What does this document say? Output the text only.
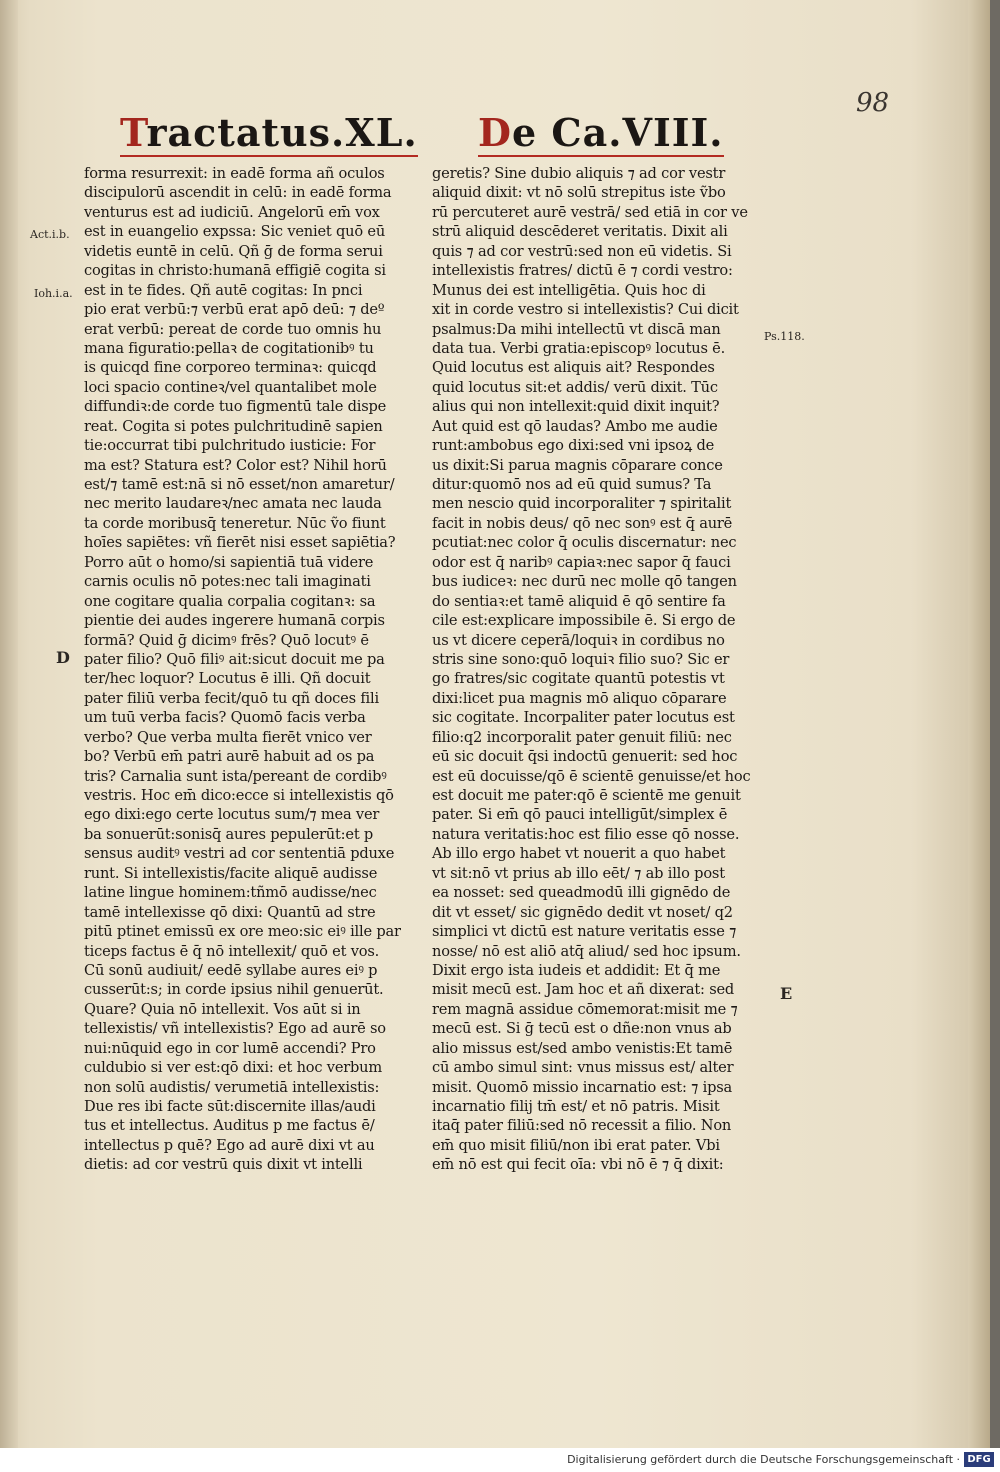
98

Tractatus.XL. De Ca.VIII.

Act.i.b.

Ioh.i.a.

Ps.118.

D

E

forma resurrexit: in eadē forma añ oculos
discipulorū ascendit in celū: in eadē forma
venturus est ad iudiciū. Angelorū em̄ vox
est in euangelio expssa: Sic veniet quō eū
videtis euntē in celū. Qñ ḡ de forma serui
cogitas in christo:humanā effigiē cogita si
est in te fides. Qñ autē cogitas: In pnci
pio erat verbū:⁊ verbū erat apō deū: ⁊ deº
erat verbū: pereat de corde tuo omnis hu
mana figuratio:pellaꝛ de cogitationibꝰ tu
is quicqd fine corporeo terminaꝛ: quicqd
loci spacio contineꝛ/vel quantalibet mole
diffundiꝛ:de corde tuo figmentū tale dispe
reat. Cogita si potes pulchritudinē sapien
tie:occurrat tibi pulchritudo iusticie: For
ma est? Statura est? Color est? Nihil horū
est/⁊ tamē est:nā si nō esset/non amaretur/
nec merito laudareꝛ/nec amata nec lauda
ta corde moribusq̄ teneretur. Nūc ṽo fiunt
hoīes sapiētes: vñ fierēt nisi esset sapiētia?
Porro aūt o homo/si sapientiā tuā videre
carnis oculis nō potes:nec tali imaginati
one cogitare qualia corpalia cogitanꝛ: sa
pientie dei audes ingerere humanā corpis
formā? Quid ḡ dicimꝰ frēs? Quō locutꝰ ē
pater filio? Quō filiꝰ ait:sicut docuit me pa
ter/hec loquor? Locutus ē illi. Qñ docuit
pater filiū verba fecit/quō tu qñ doces fili
um tuū verba facis? Quomō facis verba
verbo? Que verba multa fierēt vnico ver
bo? Verbū em̄ patri aurē habuit ad os pa
tris? Carnalia sunt ista/pereant de cordibꝰ
vestris. Hoc em̄ dico:ecce si intellexistis qō
ego dixi:ego certe locutus sum/⁊ mea ver
ba sonuerūt:sonisq̄ aures pepulerūt:et p
sensus auditꝰ vestri ad cor sententiā pduxe
runt. Si intellexistis/facite aliquē audisse
latine lingue hominem:tñmō audisse/nec
tamē intellexisse qō dixi: Quantū ad stre
pitū ptinet emissū ex ore meo:sic eiꝰ ille par
ticeps factus ē q̄ nō intellexit/ quō et vos.
Cū sonū audiuit/ eedē syllabe aures eiꝰ p
cusserūt:s; in corde ipsius nihil genuerūt.
Quare? Quia nō intellexit. Vos aūt si in
tellexistis/ vñ intellexistis? Ego ad aurē so
nui:nūquid ego in cor lumē accendi? Pro
culdubio si ver est:qō dixi: et hoc verbum
non solū audistis/ verumetiā intellexistis:
Due res ibi facte sūt:discernite illas/audi
tus et intellectus. Auditus p me factus ē/
intellectus p quē? Ego ad aurē dixi vt au
dietis: ad cor vestrū quis dixit vt intelli
geretis? Sine dubio aliquis ⁊ ad cor vestr
aliquid dixit: vt nō solū strepitus iste ṽbo
rū percuteret aurē vestrā/ sed etiā in cor ve
strū aliquid descēderet veritatis. Dixit ali
quis ⁊ ad cor vestrū:sed non eū videtis. Si
intellexistis fratres/ dictū ē ⁊ cordi vestro:
Munus dei est intelligētia. Quis hoc di
xit in corde vestro si intellexistis? Cui dicit
psalmus:Da mihi intellectū vt discā man
data tua. Verbi gratia:episcopꝰ locutus ē.
Quid locutus est aliquis ait? Respondes
quid locutus sit:et addis/ verū dixit. Tūc
alius qui non intellexit:quid dixit inquit?
Aut quid est qō laudas? Ambo me audie
runt:ambobus ego dixi:sed vni ipsoꝝ de
us dixit:Si parua magnis cōparare conce
ditur:quomō nos ad eū quid sumus? Ta
men nescio quid incorporaliter ⁊ spiritalit
facit in nobis deus/ qō nec sonꝰ est q̄ aurē
pcutiat:nec color q̄ oculis discernatur: nec
odor est q̄ naribꝰ capiaꝛ:nec sapor q̄ fauci
bus iudiceꝛ: nec durū nec molle qō tangen
do sentiaꝛ:et tamē aliquid ē qō sentire fa
cile est:explicare impossibile ē. Si ergo de
us vt dicere ceperā/loquiꝛ in cordibus no
stris sine sono:quō loquiꝛ filio suo? Sic er
go fratres/sic cogitate quantū potestis vt
dixi:licet pua magnis mō aliquo cōparare
sic cogitate. Incorpaliter pater locutus est
filio:q2 incorporalit pater genuit filiū: nec
eū sic docuit q̄si indoctū genuerit: sed hoc
est eū docuisse/qō ē scientē genuisse/et hoc
est docuit me pater:qō ē scientē me genuit
pater. Si em̄ qō pauci intelligūt/simplex ē
natura veritatis:hoc est filio esse qō nosse.
Ab illo ergo habet vt nouerit a quo habet
vt sit:nō vt prius ab illo eēt/ ⁊ ab illo post
ea nosset: sed queadmodū illi gignēdo de
dit vt esset/ sic gignēdo dedit vt noset/ q2
simplici vt dictū est nature veritatis esse ⁊
nosse/ nō est aliō atq̄ aliud/ sed hoc ipsum.
Dixit ergo ista iudeis et addidit: Et q̄ me
misit mecū est. Jam hoc et añ dixerat: sed
rem magnā assidue cōmemorat:misit me ⁊
mecū est. Si ḡ tecū est o dñe:non vnus ab
alio missus est/sed ambo venistis:Et tamē
cū ambo simul sint: vnus missus est/ alter
misit. Quomō missio incarnatio est: ⁊ ipsa
incarnatio filij tm̄ est/ et nō patris. Misit
itaq̄ pater filiū:sed nō recessit a filio. Non
em̄ quo misit filiū/non ibi erat pater. Vbi
em̄ nō est qui fecit oīa: vbi nō ē ⁊ q̄ dixit:

Digitalisierung gefördert durch die Deutsche Forschungsgemeinschaft · DFG
